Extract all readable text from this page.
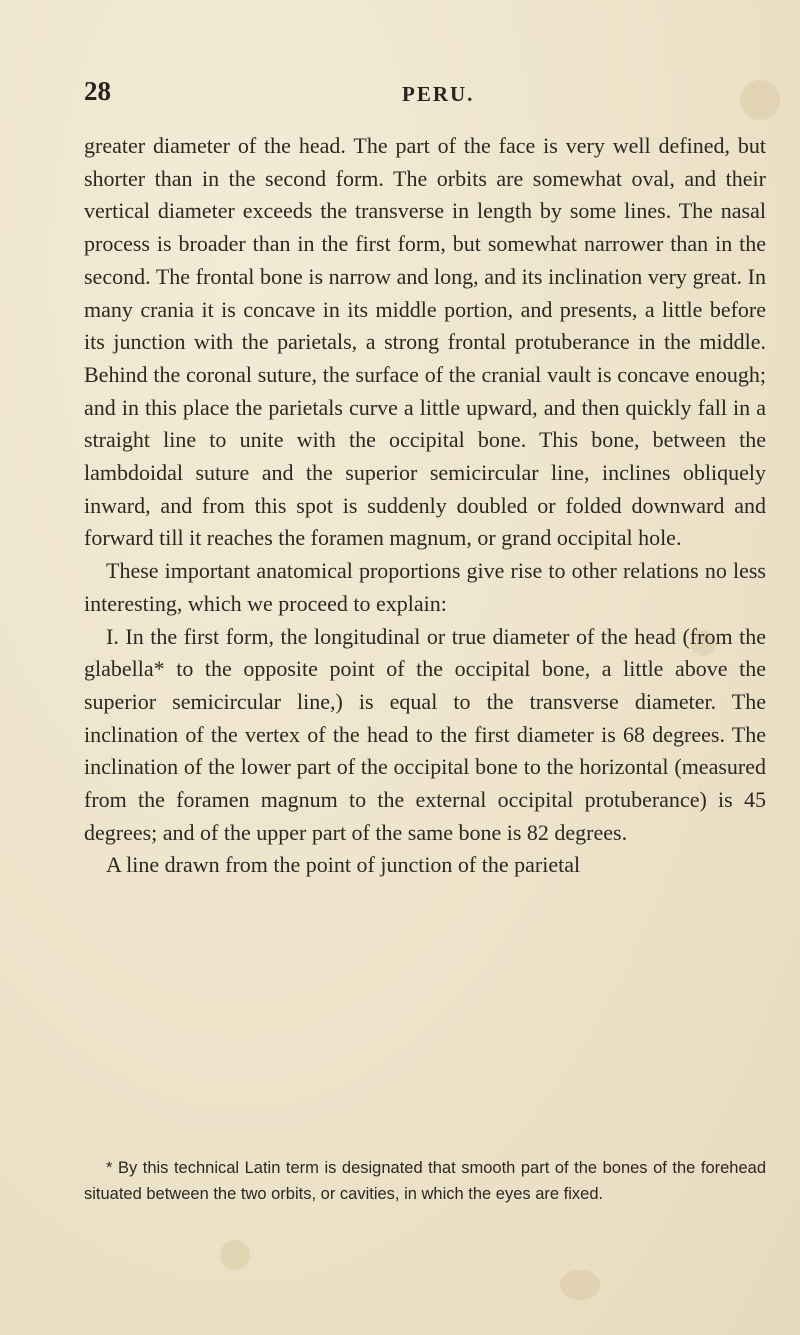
28	PERU.

greater diameter of the head. The part of the face is very well defined, but shorter than in the second form. The orbits are somewhat oval, and their vertical diameter exceeds the transverse in length by some lines. The nasal process is broader than in the first form, but somewhat narrower than in the second. The frontal bone is narrow and long, and its inclination very great. In many crania it is concave in its middle portion, and presents, a little before its junction with the parietals, a strong frontal protuberance in the middle. Behind the coronal suture, the surface of the cranial vault is concave enough; and in this place the parietals curve a little upward, and then quickly fall in a straight line to unite with the occipital bone. This bone, between the lambdoidal suture and the superior semicircular line, inclines obliquely inward, and from this spot is suddenly doubled or folded downward and forward till it reaches the foramen magnum, or grand occipital hole.

These important anatomical proportions give rise to other relations no less interesting, which we proceed to explain:

I. In the first form, the longitudinal or true diameter of the head (from the glabella* to the opposite point of the occipital bone, a little above the superior semicircular line,) is equal to the transverse diameter. The inclination of the vertex of the head to the first diameter is 68 degrees. The inclination of the lower part of the occipital bone to the horizontal (measured from the foramen magnum to the external occipital protuberance) is 45 degrees; and of the upper part of the same bone is 82 degrees.

A line drawn from the point of junction of the parietal

* By this technical Latin term is designated that smooth part of the bones of the forehead situated between the two orbits, or cavities, in which the eyes are fixed.
